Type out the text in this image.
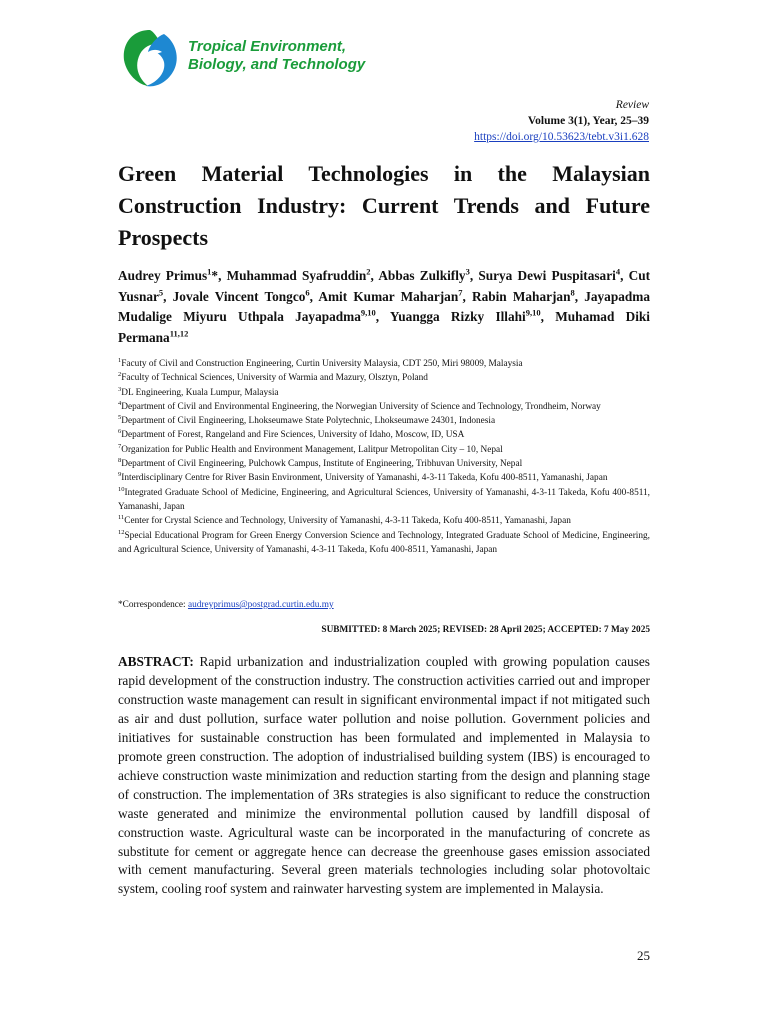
Tropical Environment,
Biology, and Technology
Review
Volume 3(1), Year, 25–39
https://doi.org/10.53623/tebt.v3i1.628
Green Material Technologies in the Malaysian Construction Industry: Current Trends and Future Prospects
Audrey Primus$^1$*, Muhammad Syafruddin$^2$, Abbas Zulkifly$^3$, Surya Dewi Puspitasari$^4$, Cut Yusnar$^5$, Jovale Vincent Tongco$^6$, Amit Kumar Maharjan$^7$, Rabin Maharjan$^8$, Jayapadma Mudalige Miyuru Uthpala Jayapadma$^{9,10}$, Yuangga Rizky Illahi$^{9,10}$, Muhamad Diki Permana$^{11,12}$
$^1$Facuty of Civil and Construction Engineering, Curtin University Malaysia, CDT 250, Miri 98009, Malaysia
$^2$Faculty of Technical Sciences, University of Warmia and Mazury, Olsztyn, Poland
$^3$DL Engineering, Kuala Lumpur, Malaysia
$^4$Department of Civil and Environmental Engineering, the Norwegian University of Science and Technology, Trondheim, Norway
$^5$Department of Civil Engineering, Lhokseumawe State Polytechnic, Lhokseumawe 24301, Indonesia
$^6$Department of Forest, Rangeland and Fire Sciences, University of Idaho, Moscow, ID, USA
$^7$Organization for Public Health and Environment Management, Lalitpur Metropolitan City – 10, Nepal
$^8$Department of Civil Engineering, Pulchowk Campus, Institute of Engineering, Tribhuvan University, Nepal
$^9$Interdisciplinary Centre for River Basin Environment, University of Yamanashi, 4-3-11 Takeda, Kofu 400-8511, Yamanashi, Japan
$^{10}$Integrated Graduate School of Medicine, Engineering, and Agricultural Sciences, University of Yamanashi, 4-3-11 Takeda, Kofu 400-8511, Yamanashi, Japan
$^{11}$Center for Crystal Science and Technology, University of Yamanashi, 4-3-11 Takeda, Kofu 400-8511, Yamanashi, Japan
$^{12}$Special Educational Program for Green Energy Conversion Science and Technology, Integrated Graduate School of Medicine, Engineering, and Agricultural Science, University of Yamanashi, 4-3-11 Takeda, Kofu 400-8511, Yamanashi, Japan
*Correspondence: audreyprimus@postgrad.curtin.edu.my
SUBMITTED: 8 March 2025; REVISED: 28 April 2025; ACCEPTED: 7 May 2025

ABSTRACT: Rapid urbanization and industrialization coupled with growing population causes rapid development of the construction industry. The construction activities carried out and improper construction waste management can result in significant environmental impact if not mitigated such as air and dust pollution, surface water pollution and noise pollution. Government policies and initiatives for sustainable construction has been formulated and implemented in Malaysia to promote green construction. The adoption of industrialised building system (IBS) is encouraged to achieve construction waste minimization and reduction starting from the design and planning stage of construction. The implementation of 3Rs strategies is also significant to reduce the construction waste generated and minimize the environmental pollution caused by landfill disposal of construction waste. Agricultural waste can be incorporated in the manufacturing of concrete as substitute for cement or aggregate hence can decrease the greenhouse gases emission associated with cement manufacturing. Several green materials technologies including solar photovoltaic system, cooling roof system and rainwater harvesting system are implemented in Malaysia.

25
